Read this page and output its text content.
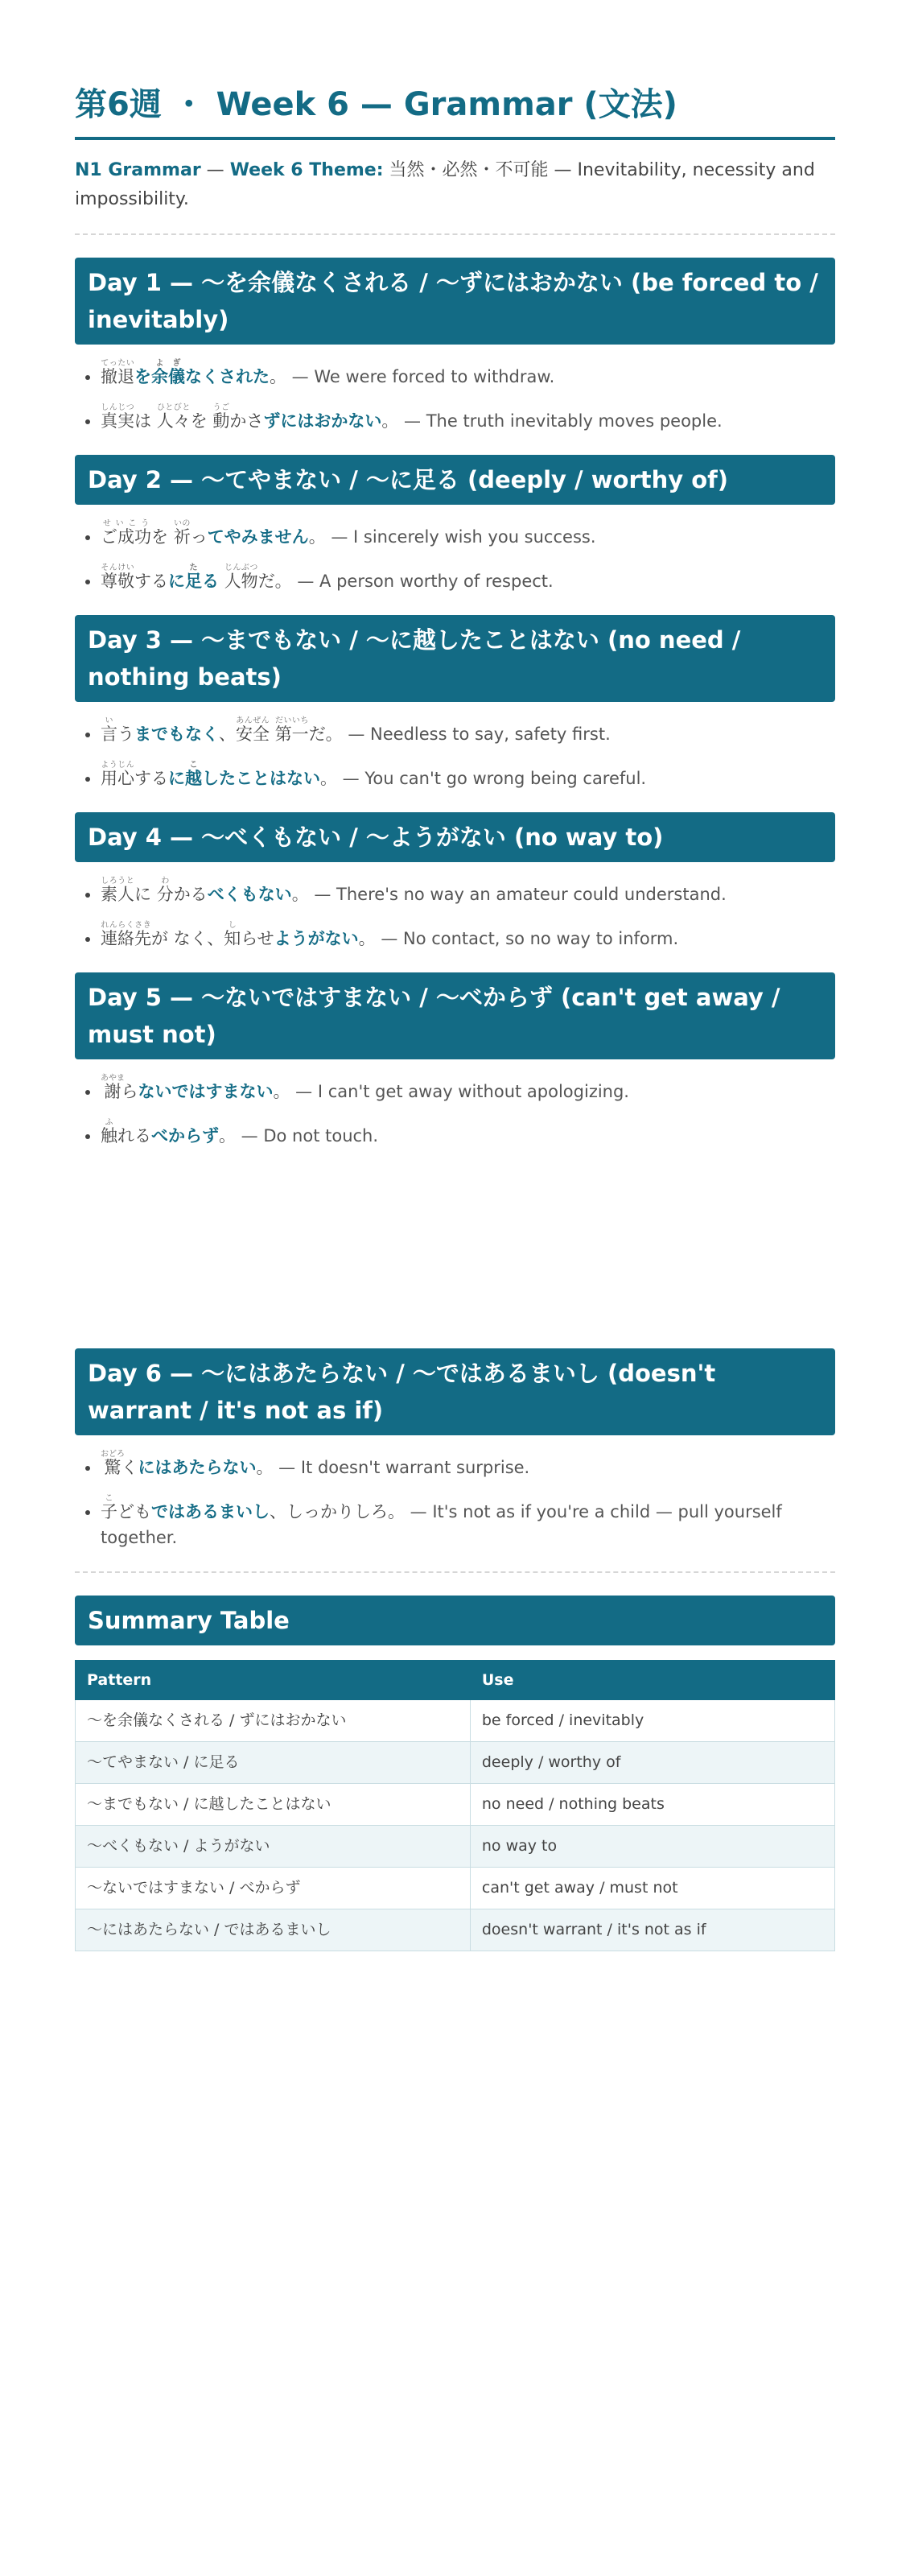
第6週 ・ Week 6 — Grammar (文法)
N1 Grammar — Week 6 Theme: 当然・必然・不可能 — Inevitability, necessity and impossibility.
Day 1 — 〜を余儀なくされる / 〜ずにはおかない (be forced to / inevitably)
• 撤退てったいを余儀よぎなくされた。 — We were forced to withdraw.
• 真実しんじつは 人々ひとびとを 動うごかさずにはおかない。 — The truth inevitably moves people.
Day 2 — 〜てやまない / 〜に足る (deeply / worthy of)
• ご成功せいこうを 祈いのってやみません。 — I sincerely wish you success.
• 尊敬そんけいするに足たる 人物じんぶつだ。 — A person worthy of respect.
Day 3 — 〜までもない / 〜に越したことはない (no need / nothing beats)
• 言いうまでもなく、安全あんぜん 第一だいいちだ。 — Needless to say, safety first.
• 用心ようじんするに越こしたことはない。 — You can't go wrong being careful.
Day 4 — 〜べくもない / 〜ようがない (no way to)
• 素人しろうとに 分わかるべくもない。 — There's no way an amateur could understand.
• 連絡先れんらくさきが なく、知しらせようがない。 — No contact, so no way to inform.
Day 5 — 〜ないではすまない / 〜べからず (can't get away / must not)
• 謝あやまらないではすまない。 — I can't get away without apologizing.
• 触ふれるべからず。 — Do not touch.
Day 6 — 〜にはあたらない / 〜ではあるまいし (doesn't warrant / it's not as if)
• 驚おどろくにはあたらない。 — It doesn't warrant surprise.
• 子こどもではあるまいし、しっかりしろ。 — It's not as if you're a child — pull yourself together.
Summary Table
Pattern	Use
〜を余儀なくされる / ずにはおかない	be forced / inevitably
〜てやまない / に足る	deeply / worthy of
〜までもない / に越したことはない	no need / nothing beats
〜べくもない / ようがない	no way to
〜ないではすまない / べからず	can't get away / must not
〜にはあたらない / ではあるまいし	doesn't warrant / it's not as if
